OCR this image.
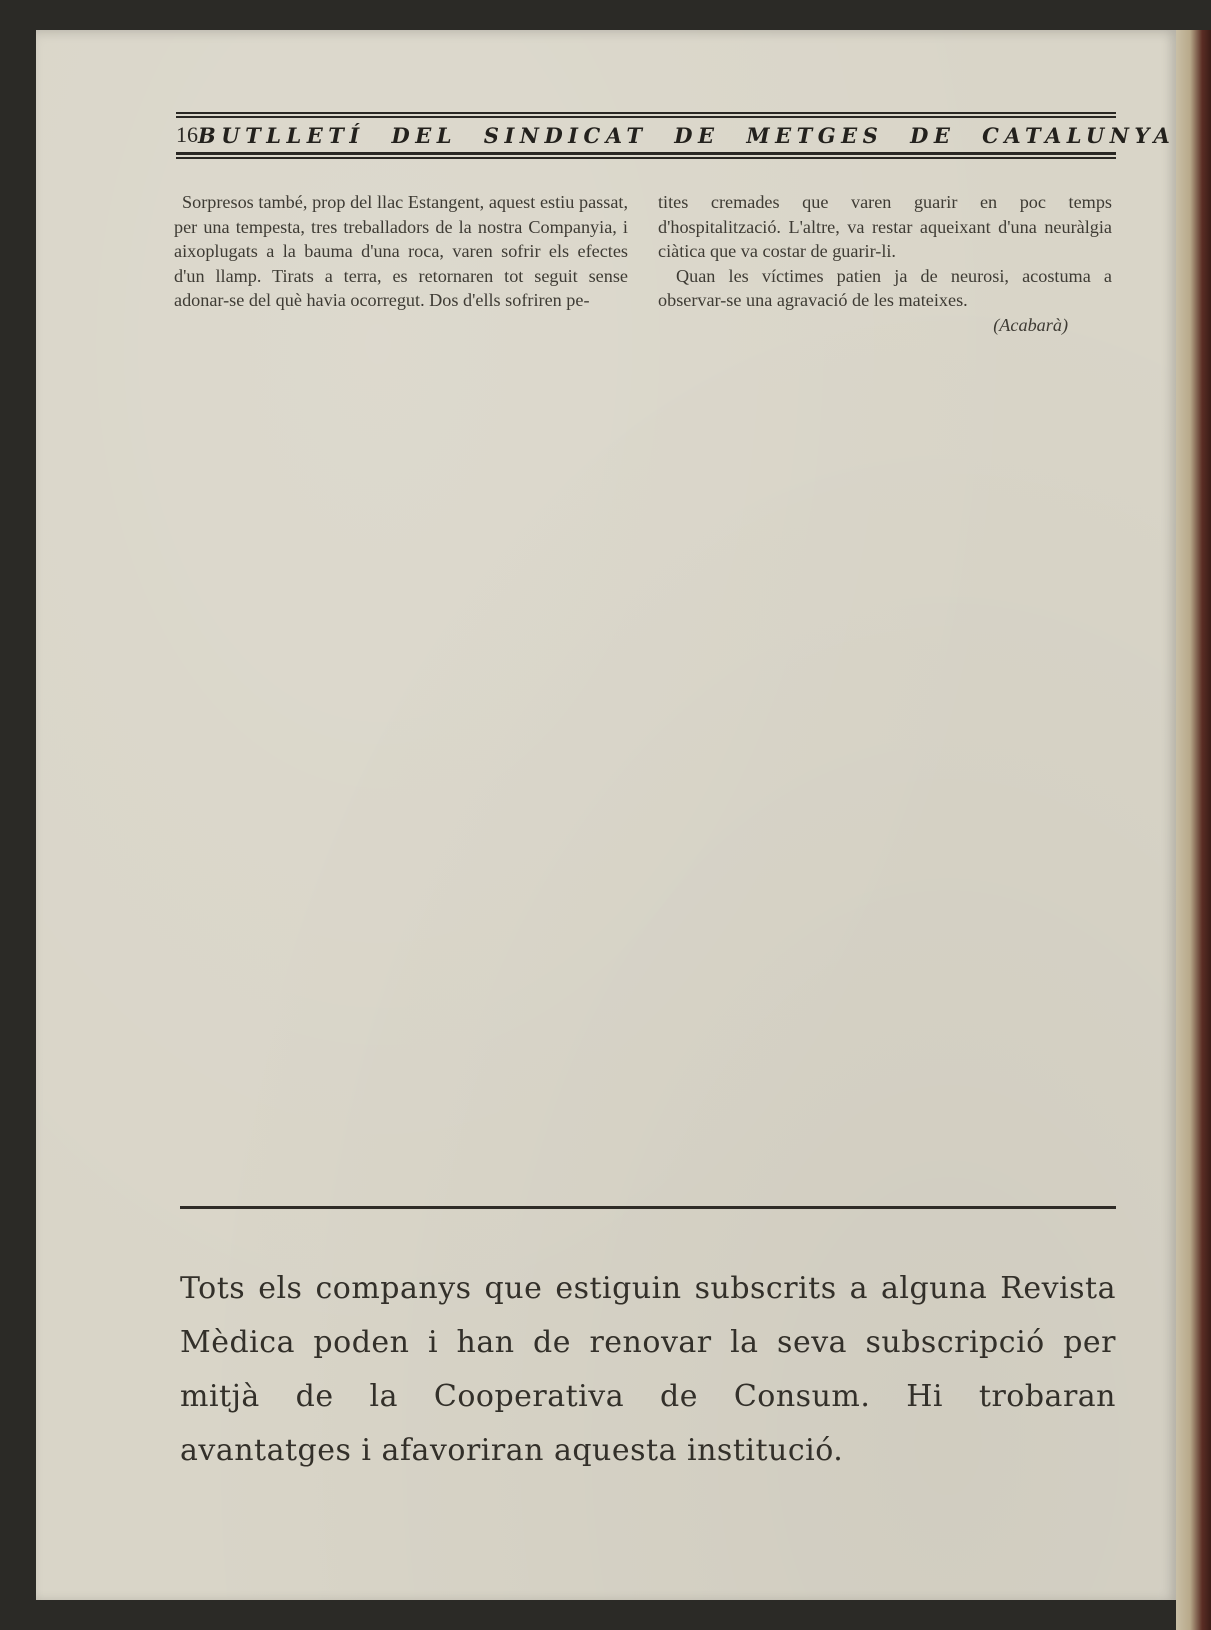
16 BUTLLETÍ DEL SINDICAT DE METGES DE CATALUNYA

Sorpresos també, prop del llac Estangent, aquest estiu passat, per una tempesta, tres treballadors de la nostra Companyia, i aixoplugats a la bauma d'una roca, varen sofrir els efectes d'un llamp. Tirats a terra, es retornaren tot seguit sense adonar-se del què havia ocorregut. Dos d'ells sofriren pe-

tites cremades que varen guarir en poc temps d'hospitalització. L'altre, va restar aqueixant d'una neuràlgia ciàtica que va costar de guarir-li.

Quan les víctimes patien ja de neurosi, acostuma a observar-se una agravació de les mateixes.

(Acabarà)

Tots els companys que estiguin subscrits a alguna Revista Mèdica poden i han de renovar la seva subscripció per mitjà de la Cooperativa de Consum. Hi trobaran avantatges i afavoriran aquesta institució.
